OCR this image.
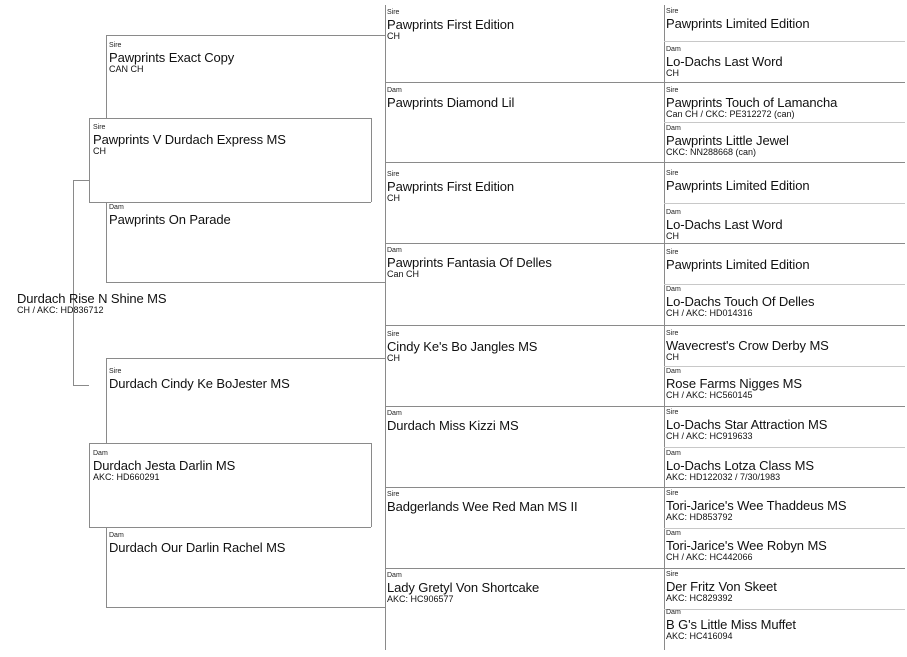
Durdach Rise N Shine MS
CH / AKC: HD836712
Sire
Pawprints V Durdach Express MS
CH
Dam
Durdach Jesta Darlin MS
AKC: HD660291
Sire
Pawprints Exact Copy
CAN CH
Dam
Pawprints On Parade
Sire
Durdach Cindy Ke BoJester MS
Dam
Durdach Our Darlin Rachel MS
Sire
Pawprints First Edition
CH
Dam
Pawprints Diamond Lil
Sire
Pawprints First Edition
CH
Dam
Pawprints Fantasia Of Delles
Can CH
Sire
Cindy Ke's Bo Jangles MS
CH
Dam
Durdach Miss Kizzi MS
Sire
Badgerlands Wee Red Man MS II
Dam
Lady Gretyl Von Shortcake
AKC: HC906577
Sire
Pawprints Limited Edition
Dam
Lo-Dachs Last Word
CH
Sire
Pawprints Touch of Lamancha
Can CH / CKC: PE312272 (can)
Dam
Pawprints Little Jewel
CKC: NN288668 (can)
Sire
Pawprints Limited Edition
Dam
Lo-Dachs Last Word
CH
Sire
Pawprints Limited Edition
Dam
Lo-Dachs Touch Of Delles
CH / AKC: HD014316
Sire
Wavecrest's Crow Derby MS
CH
Dam
Rose Farms Nigges MS
CH / AKC: HC560145
Sire
Lo-Dachs Star Attraction MS
CH / AKC: HC919633
Dam
Lo-Dachs Lotza Class MS
AKC: HD122032 / 7/30/1983
Sire
Tori-Jarice's Wee Thaddeus MS
AKC: HD853792
Dam
Tori-Jarice's Wee Robyn MS
CH / AKC: HC442066
Sire
Der Fritz Von Skeet
AKC: HC829392
Dam
B G's Little Miss Muffet
AKC: HC416094
